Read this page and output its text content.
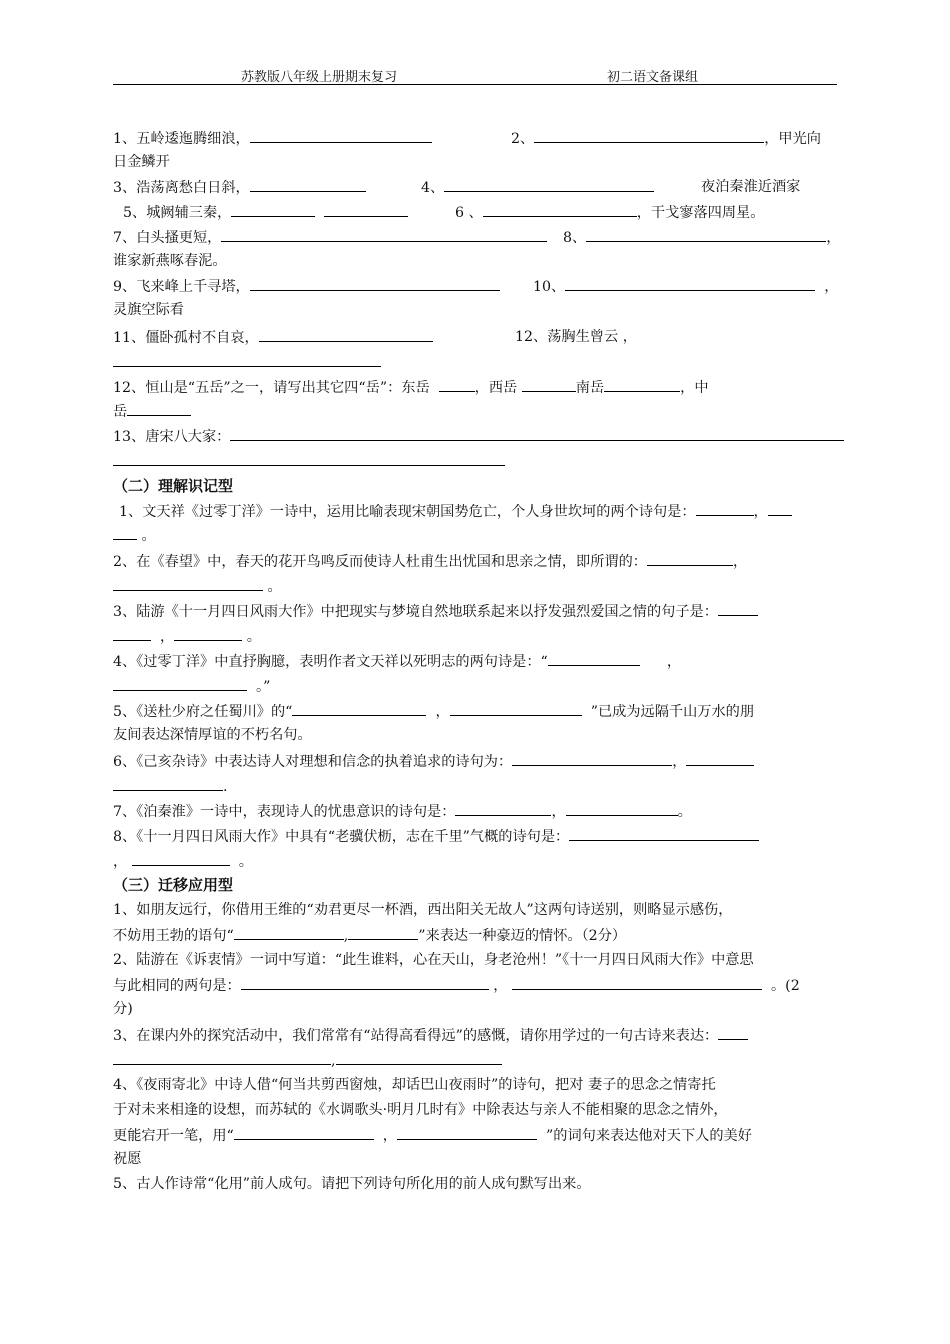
苏教版八年级上册期末复习	初二语文备课组
1、五岭逶迤腾细浪，	2、	，甲光向
日金鳞开
3、浩荡离愁白日斜，	4、	夜泊秦淮近酒家
5、城阙辅三秦，	6 、	，干戈寥落四周星。
7、白头搔更短，	8、	，
谁家新燕啄春泥。
9、飞来峰上千寻塔，	10、	，
灵旗空际看
11、僵卧孤村不自哀，	12、荡胸生曾云 ，
12、恒山是“五岳”之一，请写出其它四“岳”：东岳	，西岳	南岳	，中
岳
13、唐宋八大家：
（二）理解识记型
1、文天祥《过零丁洋》一诗中，运用比喻表现宋朝国势危亡，个人身世坎坷的两个诗句是：	，
。
2、在《春望》中，春天的花开鸟鸣反而使诗人杜甫生出忧国和思亲之情，即所谓的：	，
。
3、陆游《十一月四日风雨大作》中把现实与梦境自然地联系起来以抒发强烈爱国之情的句子是：
，	。
4、《过零丁洋》中直抒胸臆，表明作者文天祥以死明志的两句诗是：“	，
。”
5、《送杜少府之任蜀川》的“	，	”已成为远隔千山万水的朋
友间表达深情厚谊的不朽名句。
6、《己亥杂诗》中表达诗人对理想和信念的执着追求的诗句为：	，
.
7、《泊秦淮》一诗中，表现诗人的忧患意识的诗句是：	，	。
8、《十一月四日风雨大作》中具有“老骥伏枥，志在千里”气概的诗句是：
，	。
（三）迁移应用型
1、如朋友远行，你借用王维的“劝君更尽一杯酒，西出阳关无故人”这两句诗送别，则略显示感伤，
不妨用王勃的语句“	,	”来表达一种豪迈的情怀。（2分）
2、陆游在《诉衷情》一词中写道：“此生谁料，心在天山，身老沧州！”《十一月四日风雨大作》中意思
与此相同的两句是：	，	。(2
分)
3、在课内外的探究活动中，我们常常有“站得高看得远”的感慨，请你用学过的一句古诗来表达：
,
4、《夜雨寄北》中诗人借“何当共剪西窗烛，却话巴山夜雨时”的诗句，把对 妻子的思念之情寄托
于对未来相逢的设想，而苏轼的《水调歌头·明月几时有》中除表达与亲人不能相聚的思念之情外，
更能宕开一笔，用“	，	”的词句来表达他对天下人的美好
祝愿
5、古人作诗常“化用”前人成句。请把下列诗句所化用的前人成句默写出来。
